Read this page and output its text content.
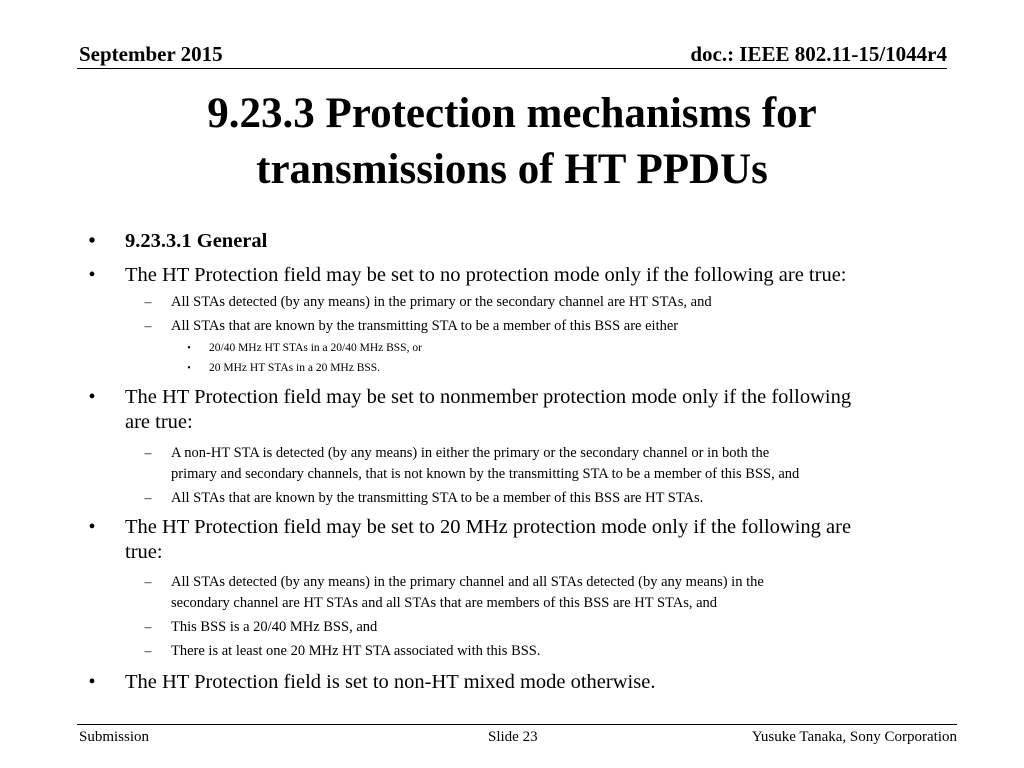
September 2015	doc.: IEEE 802.11-15/1044r4
9.23.3 Protection mechanisms for
transmissions of HT PPDUs
• 9.23.3.1 General
• The HT Protection field may be set to no protection mode only if the following are true:
– All STAs detected (by any means) in the primary or the secondary channel are HT STAs, and
– All STAs that are known by the transmitting STA to be a member of this BSS are either
• 20/40 MHz HT STAs in a 20/40 MHz BSS, or
• 20 MHz HT STAs in a 20 MHz BSS.
• The HT Protection field may be set to nonmember protection mode only if the following
are true:
– A non-HT STA is detected (by any means) in either the primary or the secondary channel or in both the
primary and secondary channels, that is not known by the transmitting STA to be a member of this BSS, and
– All STAs that are known by the transmitting STA to be a member of this BSS are HT STAs.
• The HT Protection field may be set to 20 MHz protection mode only if the following are
true:
– All STAs detected (by any means) in the primary channel and all STAs detected (by any means) in the
secondary channel are HT STAs and all STAs that are members of this BSS are HT STAs, and
– This BSS is a 20/40 MHz BSS, and
– There is at least one 20 MHz HT STA associated with this BSS.
• The HT Protection field is set to non-HT mixed mode otherwise.
Submission	Slide 23	Yusuke Tanaka, Sony Corporation
